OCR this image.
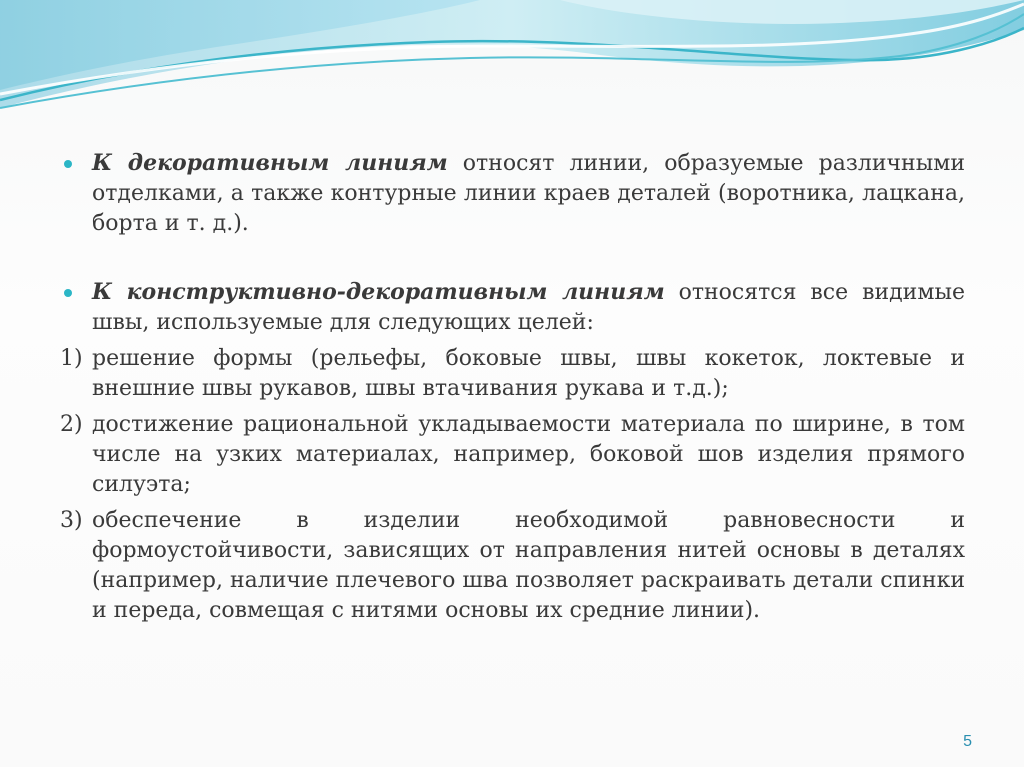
К декоративным линиям относят линии, образуемые различными отделками, а также контурные линии краев деталей (воротника, лацкана, борта и т. д.).
К конструктивно-декоративным линиям относятся все видимые швы, используемые для следующих целей:
1) решение формы (рельефы, боковые швы, швы кокеток, локтевые и внешние швы рукавов, швы втачивания рукава и т.д.);
2) достижение рациональной укладываемости материала по ширине, в том числе на узких материалах, например, боковой шов изделия прямого силуэта;
3) обеспечение в изделии необходимой равновесности и
формоустойчивости, зависящих от направления нитей основы в деталях (например, наличие плечевого шва позволяет раскраивать детали спинки и переда, совмещая с нитями основы их средние линии).
5
